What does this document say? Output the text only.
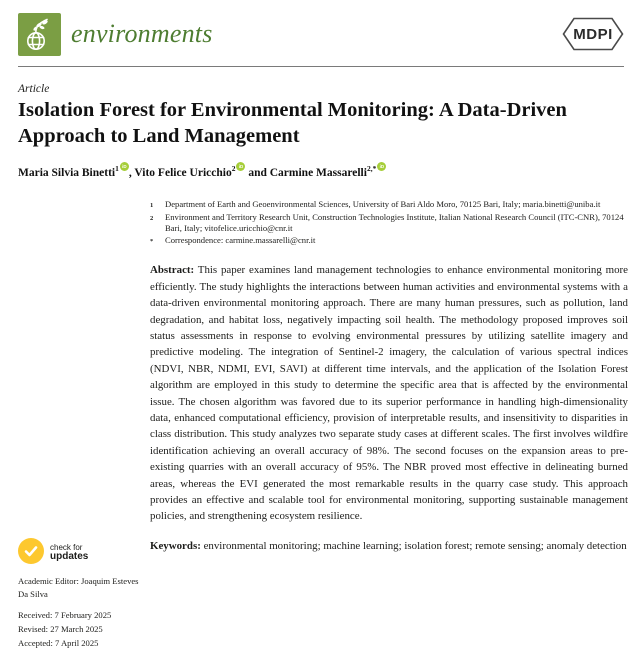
environments	MDPI
Article
Isolation Forest for Environmental Monitoring: A Data-Driven Approach to Land Management
Maria Silvia Binetti$^1$iD , Vito Felice Uricchio$^2$iD and Carmine Massarelli$^{2,*}$iD
1	Department of Earth and Geoenvironmental Sciences, University of Bari Aldo Moro, 70125 Bari, Italy; maria.binetti@uniba.it
2	Environment and Territory Research Unit, Construction Technologies Institute, Italian National Research Council (ITC-CNR), 70124 Bari, Italy; vitofelice.uricchio@cnr.it
*	Correspondence: carmine.massarelli@cnr.it

Abstract: This paper examines land management technologies to enhance environmental monitoring more efficiently. The study highlights the interactions between human activities and environmental systems with a data-driven environmental monitoring approach. There are many human pressures, such as pollution, land degradation, and habitat loss, negatively impacting soil health. The methodology proposed improves soil status assessments in response to evolving environmental pressures by utilizing satellite imagery and predictive modeling. The integration of Sentinel-2 imagery, the calculation of various spectral indices (NDVI, NBR, NDMI, EVI, SAVI) at different time intervals, and the application of the Isolation Forest algorithm are employed in this study to determine the specific area that is affected by the environmental issue. The chosen algorithm was favored due to its superior performance in handling high-dimensionality data, enhanced computational efficiency, provision of interpretable results, and insensitivity to disparities in class distribution. This study analyzes two separate study cases at different scales. The first involves wildfire identification achieving an overall accuracy of 98%. The second focuses on the expansion areas to pre-existing quarries with an overall accuracy of 95%. The NBR proved most effective in delineating burned areas, whereas the EVI generated the most remarkable results in the quarry case study. This approach provides an effective and scalable tool for environmental monitoring, supporting sustainable management policies, and strengthening ecosystem resilience.

Keywords: environmental monitoring; machine learning; isolation forest; remote sensing; anomaly detection

check for
updates
Academic Editor: Joaquim Esteves Da Silva
Received: 7 February 2025
Revised: 27 March 2025
Accepted: 7 April 2025
